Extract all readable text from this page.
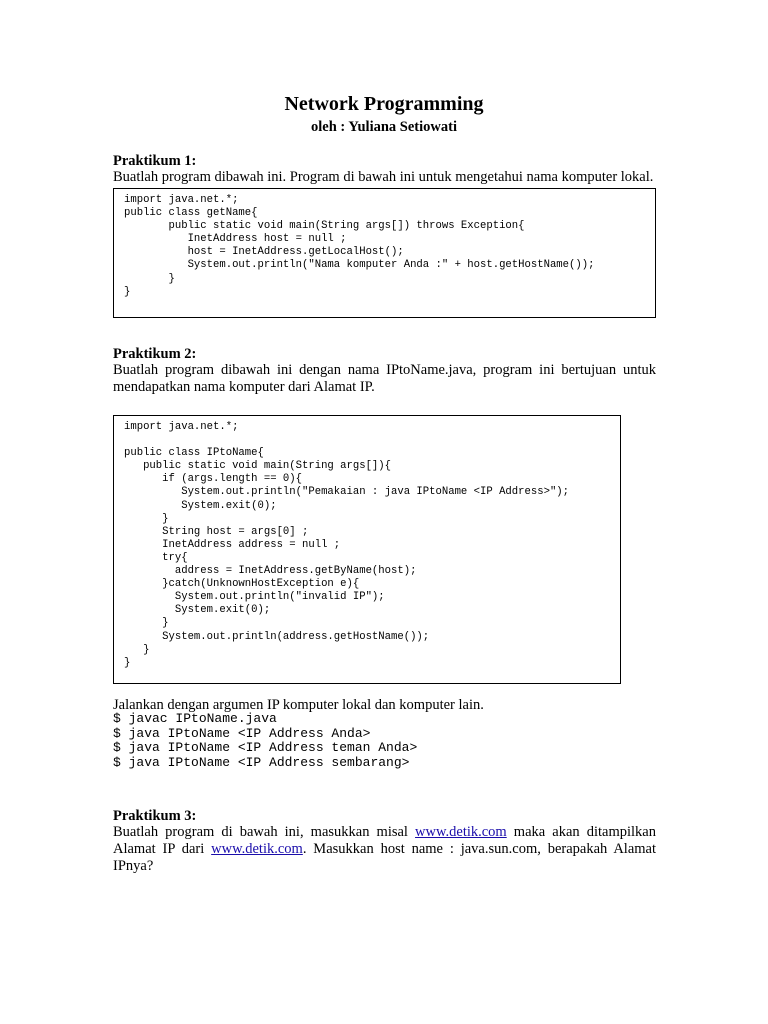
Network Programming
oleh : Yuliana Setiowati
Praktikum 1:
Buatlah program dibawah ini. Program di bawah ini untuk mengetahui nama komputer lokal.
import java.net.*;
public class getName{
public static void main(String args[]) throws Exception{
InetAddress host = null ;
host = InetAddress.getLocalHost();
System.out.println("Nama komputer Anda :" + host.getHostName());
}
}
Praktikum 2:
Buatlah program dibawah ini dengan nama IPtoName.java, program ini bertujuan untuk mendapatkan nama komputer dari Alamat IP.
import java.net.*;

public class IPtoName{
public static void main(String args[]){
if (args.length == 0){
System.out.println("Pemakaian : java IPtoName <IP Address>");
System.exit(0);
}
String host = args[0] ;
InetAddress address = null ;
try{
address = InetAddress.getByName(host);
}catch(UnknownHostException e){
System.out.println("invalid IP");
System.exit(0);
}
System.out.println(address.getHostName());
}
}
Jalankan dengan argumen IP komputer lokal dan komputer lain.
$ javac IPtoName.java
$ java IPtoName <IP Address Anda>
$ java IPtoName <IP Address teman Anda>
$ java IPtoName <IP Address sembarang>
Praktikum 3:
Buatlah program di bawah ini, masukkan misal www.detik.com maka akan ditampilkan Alamat IP dari www.detik.com. Masukkan host name : java.sun.com, berapakah Alamat IPnya?
